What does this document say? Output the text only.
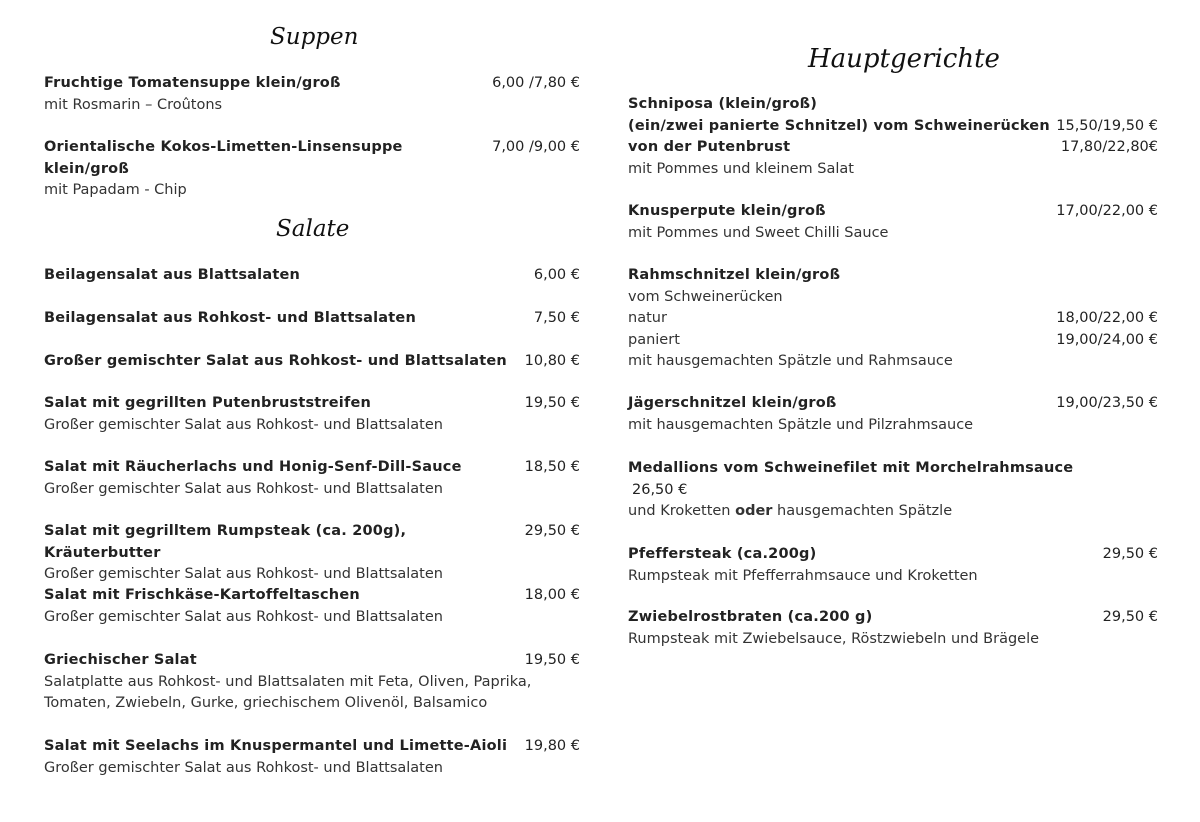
Suppen
Fruchtige Tomatensuppe klein/groß	6,00 /7,80 €
mit Rosmarin – Croûtons
Orientalische Kokos-Limetten-Linsensuppe klein/groß
7,00 /9,00 €
mit Papadam - Chip
Salate
Beilagensalat aus Blattsalaten	6,00 €
Beilagensalat aus Rohkost- und Blattsalaten	7,50 €
Großer gemischter Salat aus Rohkost- und Blattsalaten 10,80 €
Salat mit gegrillten Putenbruststreifen	19,50 €
Großer gemischter Salat aus Rohkost- und Blattsalaten
Salat mit Räucherlachs und Honig-Senf-Dill-Sauce	18,50 €
Großer gemischter Salat aus Rohkost- und Blattsalaten
Salat mit gegrilltem Rumpsteak (ca. 200g), Kräuterbutter
29,50 €
Großer gemischter Salat aus Rohkost- und Blattsalaten
Salat mit Frischkäse-Kartoffeltaschen	18,00 €
Großer gemischter Salat aus Rohkost- und Blattsalaten
Griechischer Salat	19,50 €
Salatplatte aus Rohkost- und Blattsalaten mit Feta, Oliven, Paprika,
Tomaten, Zwiebeln, Gurke, griechischem Olivenöl, Balsamico
Salat mit Seelachs im Knuspermantel und Limette-Aioli 19,80 €
Großer gemischter Salat aus Rohkost- und Blattsalaten
Hauptgerichte
Schniposa (klein/groß)
(ein/zwei panierte Schnitzel) vom Schweinerücken 15,50/19,50 €
von der Putenbrust	17,80/22,80€
mit Pommes und kleinem Salat
Knusperpute klein/groß	17,00/22,00 €
mit Pommes und Sweet Chilli Sauce
Rahmschnitzel klein/groß
vom Schweinerücken
natur	18,00/22,00 €
paniert	19,00/24,00 €
mit hausgemachten Spätzle und Rahmsauce
Jägerschnitzel klein/groß	19,00/23,50 €
mit hausgemachten Spätzle und Pilzrahmsauce
Medallions vom Schweinefilet mit Morchelrahmsauce
26,50 €
und Kroketten oder hausgemachten Spätzle
Pfeffersteak (ca.200g)	29,50 €
Rumpsteak mit Pfefferrahmsauce und Kroketten
Zwiebelrostbraten (ca.200 g)	29,50 €
Rumpsteak mit Zwiebelsauce, Röstzwiebeln und Brägele
